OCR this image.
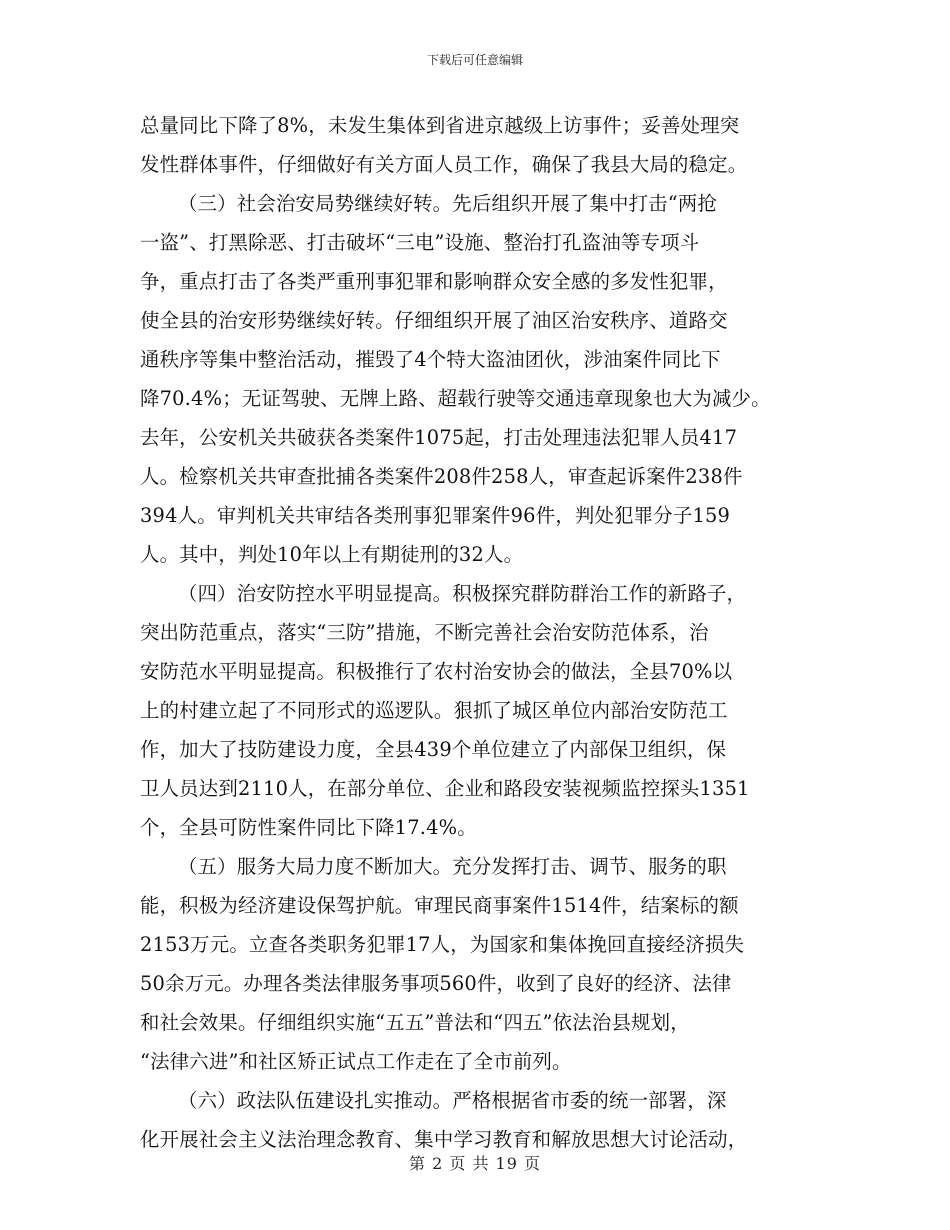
下载后可任意编辑
总量同比下降了8%，未发生集体到省进京越级上访事件；妥善处理突
发性群体事件，仔细做好有关方面人员工作，确保了我县大局的稳定。
（三）社会治安局势继续好转。先后组织开展了集中打击“两抢
一盗”、打黑除恶、打击破坏“三电”设施、整治打孔盗油等专项斗
争，重点打击了各类严重刑事犯罪和影响群众安全感的多发性犯罪，
使全县的治安形势继续好转。仔细组织开展了油区治安秩序、道路交
通秩序等集中整治活动，摧毁了4个特大盗油团伙，涉油案件同比下
降70.4%；无证驾驶、无牌上路、超载行驶等交通违章现象也大为减少。
去年，公安机关共破获各类案件1075起，打击处理违法犯罪人员417
人。检察机关共审查批捕各类案件208件258人，审查起诉案件238件
394人。审判机关共审结各类刑事犯罪案件96件，判处犯罪分子159
人。其中，判处10年以上有期徒刑的32人。
（四）治安防控水平明显提高。积极探究群防群治工作的新路子，
突出防范重点，落实“三防”措施，不断完善社会治安防范体系，治
安防范水平明显提高。积极推行了农村治安协会的做法，全县70%以
上的村建立起了不同形式的巡逻队。狠抓了城区单位内部治安防范工
作，加大了技防建设力度，全县439个单位建立了内部保卫组织，保
卫人员达到2110人，在部分单位、企业和路段安装视频监控探头1351
个，全县可防性案件同比下降17.4%。
（五）服务大局力度不断加大。充分发挥打击、调节、服务的职
能，积极为经济建设保驾护航。审理民商事案件1514件，结案标的额
2153万元。立查各类职务犯罪17人，为国家和集体挽回直接经济损失
50余万元。办理各类法律服务事项560件，收到了良好的经济、法律
和社会效果。仔细组织实施“五五”普法和“四五”依法治县规划，
“法律六进”和社区矫正试点工作走在了全市前列。
（六）政法队伍建设扎实推动。严格根据省市委的统一部署，深
化开展社会主义法治理念教育、集中学习教育和解放思想大讨论活动，
第 2 页 共 19 页
